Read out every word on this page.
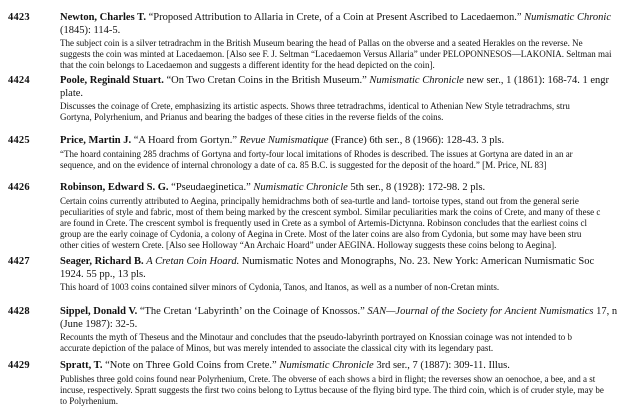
4423	Newton, Charles T. “Proposed Attribution to Allaria in Crete, of a Coin at Present Ascribed to Lacedaemon.” Numismatic Chronic
(1845): 114-5.
The subject coin is a silver tetradrachm in the British Museum bearing the head of Pallas on the obverse and a seated Herakles on the reverse. Ne
suggests the coin was minted at Lacedaemon. [Also see F. J. Seltman “Lacedaemon Versus Allaria” under PELOPONNESOS—LAKONIA. Seltman mai
that the coin belongs to Lacedaemon and suggests a different identity for the head depicted on the coin].
4424	Poole, Reginald Stuart. “On Two Cretan Coins in the British Museum.” Numismatic Chronicle new ser., 1 (1861): 168-74. 1 engr
plate.
Discusses the coinage of Crete, emphasizing its artistic aspects. Shows three tetradrachms, identical to Athenian New Style tetradrachms, stru
Gortyna, Polyrhenium, and Prianus and bearing the badges of these cities in the reverse fields of the coins.
4425	Price, Martin J. “A Hoard from Gortyn.” Revue Numismatique (France) 6th ser., 8 (1966): 128-43. 3 pls.
“The hoard containing 285 drachms of Gortyna and forty-four local imitations of Rhodes is described. The issues at Gortyna are dated in an ar
sequence, and on the evidence of internal chronology a date of ca. 85 B.C. is suggested for the deposit of the hoard.” [M. Price, NL 83]
4426	Robinson, Edward S. G. “Pseudaeginetica.” Numismatic Chronicle 5th ser., 8 (1928): 172-98. 2 pls.
Certain coins currently attributed to Aegina, principally hemidrachms both of sea-turtle and land- tortoise types, stand out from the general serie
peculiarities of style and fabric, most of them being marked by the crescent symbol. Similar peculiarities mark the coins of Crete, and many of these c
are found in Crete. The crescent symbol is frequently used in Crete as a symbol of Artemis-Dictynna. Robinson concludes that the earliest coins cl
group are the early coinage of Cydonia, a colony of Aegina in Crete. Most of the later coins are also from Cydonia, but some may have been stru
other cities of western Crete. [Also see Holloway “An Archaic Hoard” under AEGINA. Holloway suggests these coins belong to Aegina].
4427	Seager, Richard B. A Cretan Coin Hoard. Numismatic Notes and Monographs, No. 23. New York: American Numismatic Soc
1924. 55 pp., 13 pls.
This hoard of 1003 coins contained silver minors of Cydonia, Tanos, and Itanos, as well as a number of non-Cretan mints.
4428	Sippel, Donald V. “The Cretan ‘Labyrinth’ on the Coinage of Knossos.” SAN—Journal of the Society for Ancient Numismatics 17, n
(June 1987): 32-5.
Recounts the myth of Theseus and the Minotaur and concludes that the pseudo-labyrinth portrayed on Knossian coinage was not intended to b
accurate depiction of the palace of Minos, but was merely intended to associate the classical city with its legendary past.
4429	Spratt, T. “Note on Three Gold Coins from Crete.” Numismatic Chronicle 3rd ser., 7 (1887): 309-11. Illus.
Publishes three gold coins found near Polyrhenium, Crete. The obverse of each shows a bird in flight; the reverses show an oenochoe, a bee, and a st
incuse, respectively. Spratt suggests the first two coins belong to Lyttus because of the flying bird type. The third coin, which is of cruder style, may be
to Polyrhenium.
